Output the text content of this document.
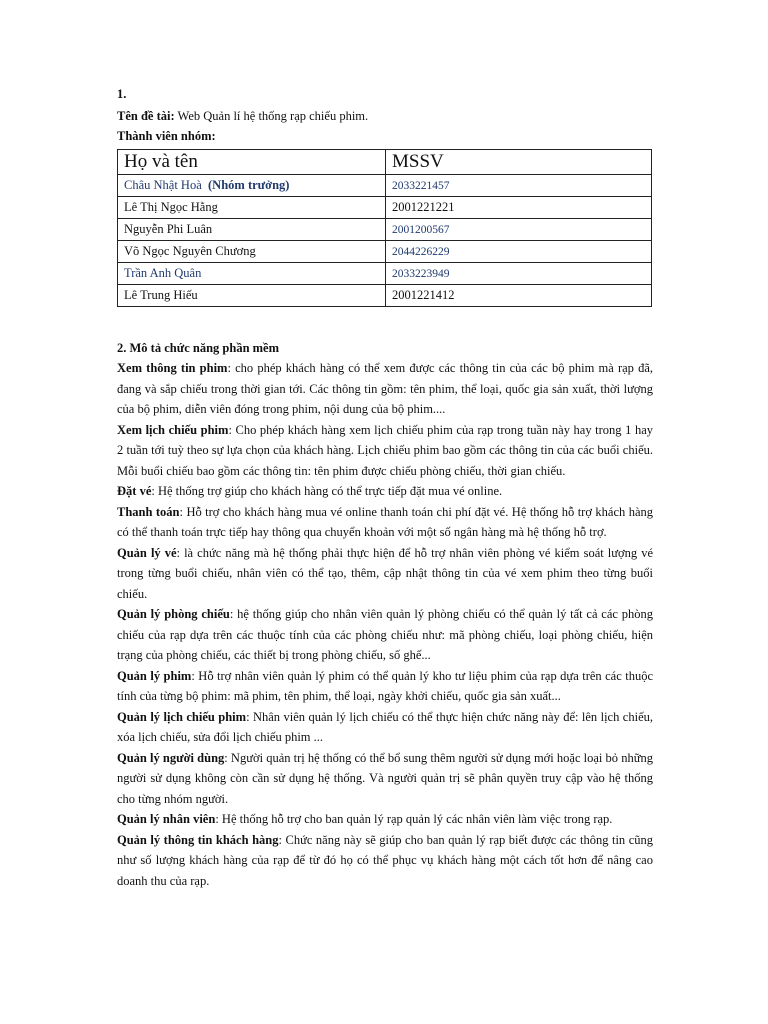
1.
Tên đề tài: Web Quản lí hệ thống rạp chiếu phim.
Thành viên nhóm:
Họ và tên	MSSV
Châu Nhật Hoà (Nhóm trưởng)	2033221457
Lê Thị Ngọc Hằng	2001221221
Nguyễn Phi Luân	2001200567
Võ Ngọc Nguyên Chương	2044226229
Trần Anh Quân	2033223949
Lê Trung Hiếu	2001221412
2. Mô tả chức năng phần mềm

Xem thông tin phim: cho phép khách hàng có thể xem được các thông tin của các bộ phim mà rạp đã, đang và sắp chiếu trong thời gian tới. Các thông tin gồm: tên phim, thể loại, quốc gia sản xuất, thời lượng của bộ phim, diễn viên đóng trong phim, nội dung của bộ phim....

Xem lịch chiếu phim: Cho phép khách hàng xem lịch chiếu phim của rạp trong tuần này hay trong 1 hay 2 tuần tới tuỳ theo sự lựa chọn của khách hàng. Lịch chiếu phim bao gồm các thông tin của các buổi chiếu. Mỗi buổi chiếu bao gồm các thông tin: tên phim được chiếu phòng chiếu, thời gian chiếu.

Đặt vé: Hệ thống trợ giúp cho khách hàng có thể trực tiếp đặt mua vé online.

Thanh toán: Hỗ trợ cho khách hàng mua vé online thanh toán chi phí đặt vé. Hệ thống hỗ trợ khách hàng có thể thanh toán trực tiếp hay thông qua chuyển khoản với một số ngân hàng mà hệ thống hỗ trợ.

Quản lý vé: là chức năng mà hệ thống phải thực hiện để hỗ trợ nhân viên phòng vé kiểm soát lượng vé trong từng buổi chiếu, nhân viên có thể tạo, thêm, cập nhật thông tin của vé xem phim theo từng buổi chiếu.

Quản lý phòng chiếu: hệ thống giúp cho nhân viên quản lý phòng chiếu có thể quản lý tất cả các phòng chiếu của rạp dựa trên các thuộc tính của các phòng chiếu như: mã phòng chiếu, loại phòng chiếu, hiện trạng của phòng chiếu, các thiết bị trong phòng chiếu, số ghế...

Quản lý phim: Hỗ trợ nhân viên quản lý phim có thể quản lý kho tư liệu phim của rạp dựa trên các thuộc tính của từng bộ phim: mã phim, tên phim, thể loại, ngày khởi chiếu, quốc gia sản xuất...

Quản lý lịch chiếu phim: Nhân viên quản lý lịch chiếu có thể thực hiện chức năng này để: lên lịch chiếu, xóa lịch chiếu, sửa đổi lịch chiếu phim ...

Quản lý người dùng: Người quản trị hệ thống có thể bổ sung thêm người sử dụng mới hoặc loại bỏ những người sử dụng không còn cần sử dụng hệ thống. Và người quản trị sẽ phân quyền truy cập vào hệ thống cho từng nhóm người.

Quản lý nhân viên: Hệ thống hỗ trợ cho ban quản lý rạp quản lý các nhân viên làm việc trong rạp.

Quản lý thông tin khách hàng: Chức năng này sẽ giúp cho ban quản lý rạp biết được các thông tin cũng như số lượng khách hàng của rạp để từ đó họ có thể phục vụ khách hàng một cách tốt hơn để nâng cao doanh thu của rạp.
